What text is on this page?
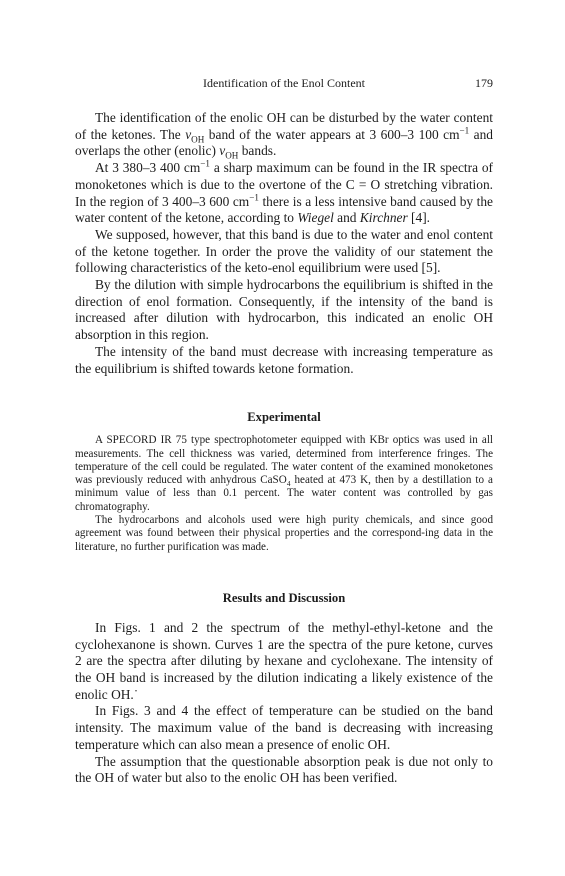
Identification of the Enol Content	179

The identification of the enolic OH can be disturbed by the water content of the ketones. The $\nu_{OH}$ band of the water appears at 3 600–3 100 $cm^{-1}$ and overlaps the other (enolic) $\nu_{OH}$ bands.

At 3 380–3 400 $cm^{-1}$ a sharp maximum can be found in the IR spectra of monoketones which is due to the overtone of the C = O stretching vibration. In the region of 3 400–3 600 $cm^{-1}$ there is a less intensive band caused by the water content of the ketone, according to Wiegel and Kirchner [4].

We supposed, however, that this band is due to the water and enol content of the ketone together. In order the prove the validity of our statement the following characteristics of the keto-enol equilibrium were used [5].

By the dilution with simple hydrocarbons the equilibrium is shifted in the direction of enol formation. Consequently, if the intensity of the band is increased after dilution with hydrocarbon, this indicated an enolic OH absorption in this region.

The intensity of the band must decrease with increasing temperature as the equilibrium is shifted towards ketone formation.

Experimental

A SPECORD IR 75 type spectrophotometer equipped with KBr optics was used in all measurements. The cell thickness was varied, determined from interference fringes. The temperature of the cell could be regulated. The water content of the examined monoketones was previously reduced with anhydrous CaSO$_4$ heated at 473 K, then by a destillation to a minimum value of less than 0.1 percent. The water content was controlled by gas chromatography.

The hydrocarbons and alcohols used were high purity chemicals, and since good agreement was found between their physical properties and the correspond-ing data in the literature, no further purification was made.

Results and Discussion

In Figs. 1 and 2 the spectrum of the methyl-ethyl-ketone and the cyclohexanone is shown. Curves 1 are the spectra of the pure ketone, curves 2 are the spectra after diluting by hexane and cyclohexane. The intensity of the OH band is increased by the dilution indicating a likely existence of the enolic OH.˙

In Figs. 3 and 4 the effect of temperature can be studied on the band intensity. The maximum value of the band is decreasing with increasing temperature which can also mean a presence of enolic OH.

The assumption that the questionable absorption peak is due not only to the OH of water but also to the enolic OH has been verified.
